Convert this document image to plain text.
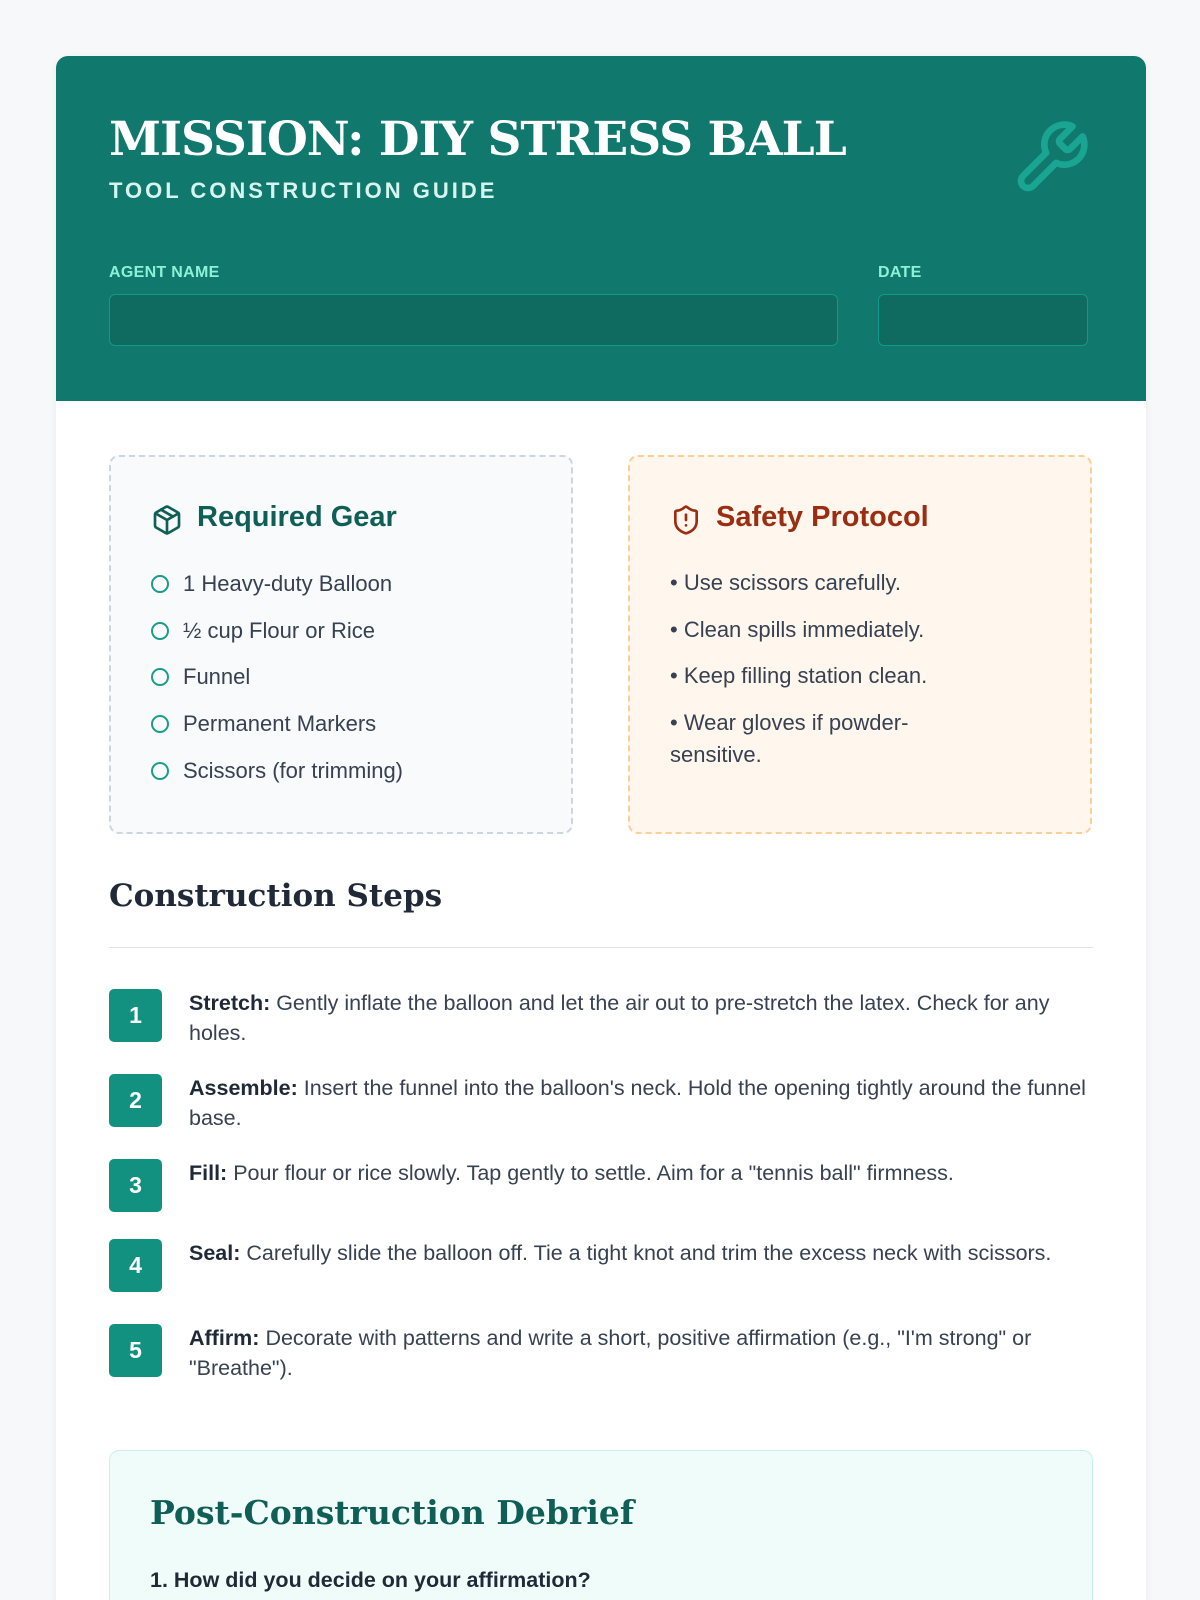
MISSION: DIY STRESS BALL
TOOL CONSTRUCTION GUIDE
AGENT NAME	DATE
Required Gear
1 Heavy-duty Balloon
½ cup Flour or Rice
Funnel
Permanent Markers
Scissors (for trimming)
Safety Protocol
• Use scissors carefully.
• Clean spills immediately.
• Keep filling station clean.
• Wear gloves if powder-sensitive.
Construction Steps
1	Stretch: Gently inflate the balloon and let the air out to pre-stretch the latex. Check for any holes.
2	Assemble: Insert the funnel into the balloon's neck. Hold the opening tightly around the funnel base.
3	Fill: Pour flour or rice slowly. Tap gently to settle. Aim for a "tennis ball" firmness.
4	Seal: Carefully slide the balloon off. Tie a tight knot and trim the excess neck with scissors.
5	Affirm: Decorate with patterns and write a short, positive affirmation (e.g., "I'm strong" or "Breathe").
Post-Construction Debrief
1. How did you decide on your affirmation?
